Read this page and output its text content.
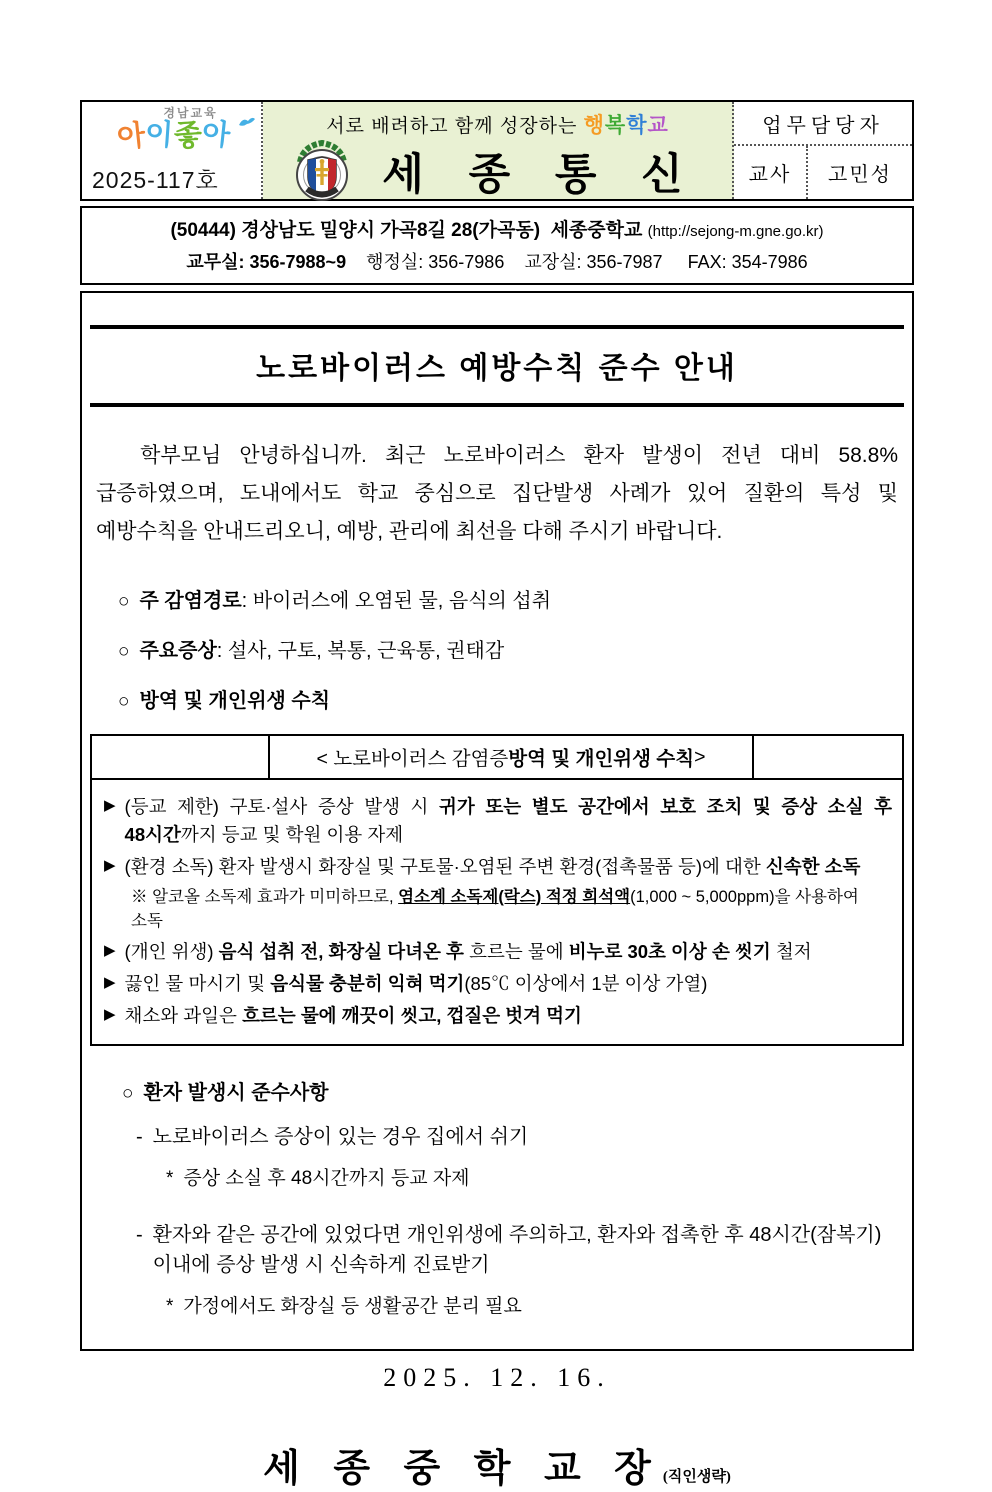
경남교육
아이좋아
2025-117호
서로 배려하고 함께 성장하는 행복학교
세 종 통 신
업무담당자
교사	고민성
(50444) 경상남도 밀양시 가곡8길 28(가곡동)  세종중학교 (http://sejong-m.gne.go.kr)
교무실: 356-7988~9    행정실: 356-7986    교장실: 356-7987     FAX: 354-7986
노로바이러스 예방수칙 준수 안내

학부모님 안녕하십니까. 최근 노로바이러스 환자 발생이 전년 대비 58.8% 급증하였으며, 도내에서도 학교 중심으로 집단발생 사례가 있어 질환의 특성 및 예방수칙을 안내드리오니, 예방, 관리에 최선을 다해 주시기 바랍니다.

○ 주 감염경로: 바이러스에 오염된 물, 음식의 섭취
○ 주요증상: 설사, 구토, 복통, 근육통, 권태감
○ 방역 및 개인위생 수칙
< 노로바이러스 감염증 방역 및 개인위생 수칙 >
▶ (등교 제한) 구토·설사 증상 발생 시 귀가 또는 별도 공간에서 보호 조치 및 증상 소실 후 48시간까지 등교 및 학원 이용 자제
▶ (환경 소독) 환자 발생시 화장실 및 구토물·오염된 주변 환경(접촉물품 등)에 대한 신속한 소독
※ 알코올 소독제 효과가 미미하므로, 염소계 소독제(락스) 적정 희석액(1,000 ~ 5,000ppm)을 사용하여 소독
▶ (개인 위생) 음식 섭취 전, 화장실 다녀온 후 흐르는 물에 비누로 30초 이상 손 씻기 철저
▶ 끓인 물 마시기 및 음식물 충분히 익혀 먹기(85℃ 이상에서 1분 이상 가열)
▶ 채소와 과일은 흐르는 물에 깨끗이 씻고, 껍질은 벗겨 먹기
○ 환자 발생시 준수사항
- 노로바이러스 증상이 있는 경우 집에서 쉬기
* 증상 소실 후 48시간까지 등교 자제
- 환자와 같은 공간에 있었다면 개인위생에 주의하고, 환자와 접촉한 후 48시간(잠복기) 이내에 증상 발생 시 신속하게 진료받기
* 가정에서도 화장실 등 생활공간 분리 필요
2025. 12. 16.
세 종 중 학 교 장(직인생략)
